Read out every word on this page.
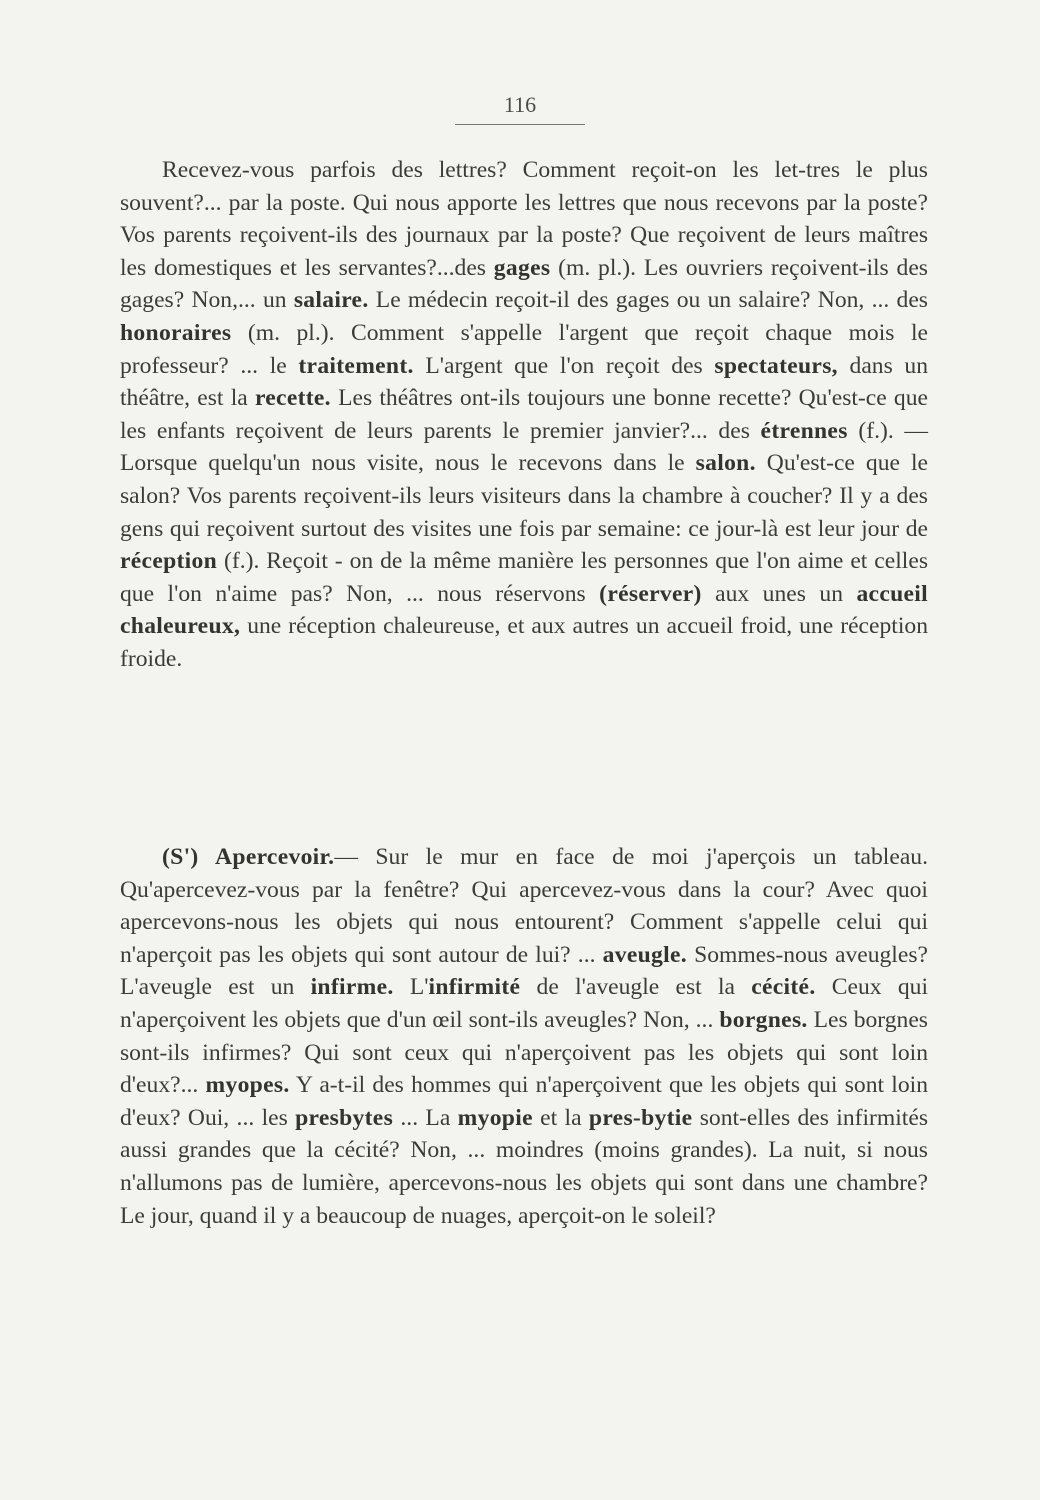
116
Recevez-vous parfois des lettres? Comment reçoit-on les let-tres le plus souvent?... par la poste. Qui nous apporte les lettres que nous recevons par la poste? Vos parents reçoivent-ils des journaux par la poste? Que reçoivent de leurs maîtres les domestiques et les servantes?...des gages (m. pl.). Les ouvriers reçoivent-ils des gages? Non,... un salaire. Le médecin reçoit-il des gages ou un salaire? Non, ... des honoraires (m. pl.). Comment s'appelle l'argent que reçoit chaque mois le professeur? ... le traitement. L'argent que l'on reçoit des spectateurs, dans un théâtre, est la recette. Les théâtres ont-ils toujours une bonne recette? Qu'est-ce que les enfants reçoivent de leurs parents le premier janvier?... des étrennes (f.). — Lorsque quelqu'un nous visite, nous le recevons dans le salon. Qu'est-ce que le salon? Vos parents reçoivent-ils leurs visiteurs dans la chambre à coucher? Il y a des gens qui reçoivent surtout des visites une fois par semaine: ce jour-là est leur jour de réception (f.). Reçoit - on de la même manière les personnes que l'on aime et celles que l'on n'aime pas? Non, ... nous réservons (réserver) aux unes un accueil chaleureux, une réception chaleureuse, et aux autres un accueil froid, une réception froide.
(S') Apercevoir.— Sur le mur en face de moi j'aperçois un tableau. Qu'apercevez-vous par la fenêtre? Qui apercevez-vous dans la cour? Avec quoi apercevons-nous les objets qui nous entourent? Comment s'appelle celui qui n'aperçoit pas les objets qui sont autour de lui? ... aveugle. Sommes-nous aveugles? L'aveugle est un infirme. L'infirmité de l'aveugle est la cécité. Ceux qui n'aperçoivent les objets que d'un œil sont-ils aveugles? Non, ... borgnes. Les borgnes sont-ils infirmes? Qui sont ceux qui n'aperçoivent pas les objets qui sont loin d'eux?... myopes. Y a-t-il des hommes qui n'aperçoivent que les objets qui sont loin d'eux? Oui, ... les presbytes ... La myopie et la pres-bytie sont-elles des infirmités aussi grandes que la cécité? Non, ... moindres (moins grandes). La nuit, si nous n'allumons pas de lumière, apercevons-nous les objets qui sont dans une chambre? Le jour, quand il y a beaucoup de nuages, aperçoit-on le soleil?
